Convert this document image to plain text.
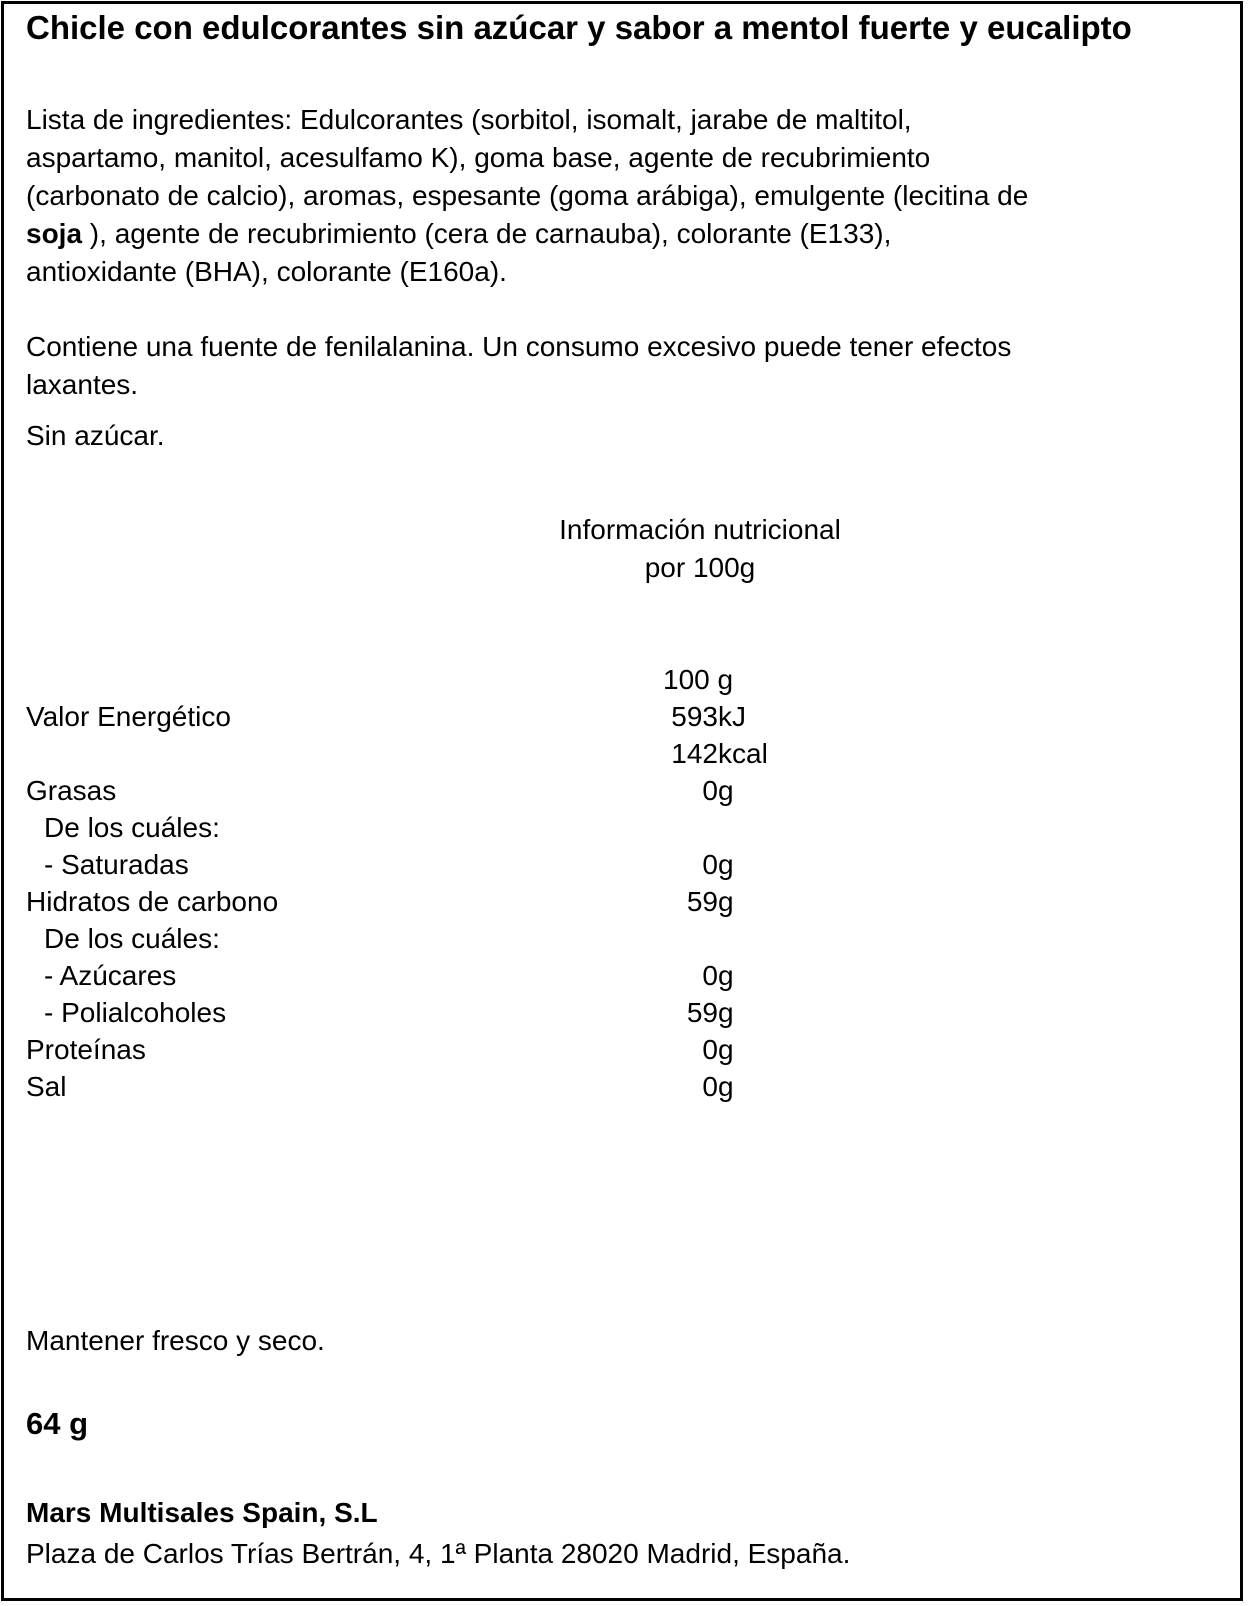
Chicle con edulcorantes sin azúcar y sabor a mentol fuerte y eucalipto
Lista de ingredientes: Edulcorantes (sorbitol, isomalt, jarabe de maltitol,
aspartamo, manitol, acesulfamo K), goma base, agente de recubrimiento
(carbonato de calcio), aromas, espesante (goma arábiga), emulgente (lecitina de
soja ), agente de recubrimiento (cera de carnauba), colorante (E133),
antioxidante (BHA), colorante (E160a).
Contiene una fuente de fenilalanina. Un consumo excesivo puede tener efectos
laxantes.
Sin azúcar.
Información nutricional
por 100g
100 g
Valor Energético	593 kJ
142 kcal
Grasas	0 g
De los cuáles:
- Saturadas	0 g
Hidratos de carbono	59 g
De los cuáles:
- Azúcares	0 g
- Polialcoholes	59 g
Proteínas	0 g
Sal	0 g
Mantener fresco y seco.
64 g
Mars Multisales Spain, S.L
Plaza de Carlos Trías Bertrán, 4, 1ª Planta 28020 Madrid, España.
